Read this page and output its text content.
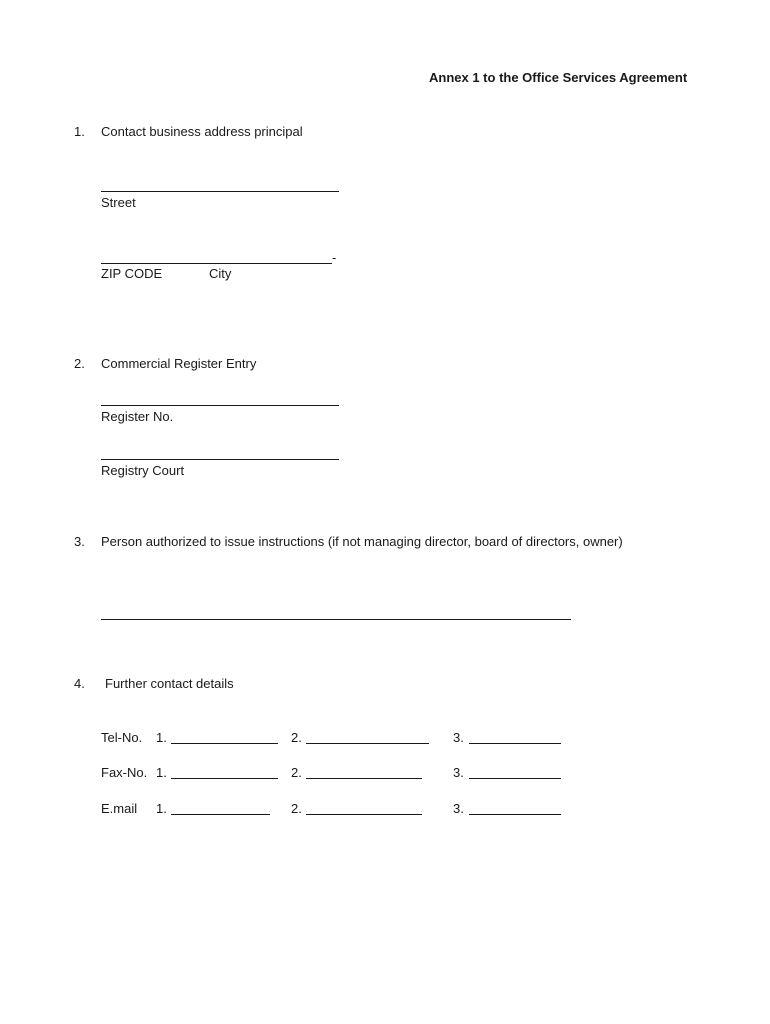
Annex 1 to the Office Services Agreement
1. Contact business address principal
Street
-
ZIP CODE	City
2. Commercial Register Entry
Register No.
Registry Court
3. Person authorized to issue instructions (if not managing director, board of directors, owner)
4. Further contact details
Tel-No. 1.	2.	3.
Fax-No. 1.	2.	3.
E.mail 1.	2.	3.
